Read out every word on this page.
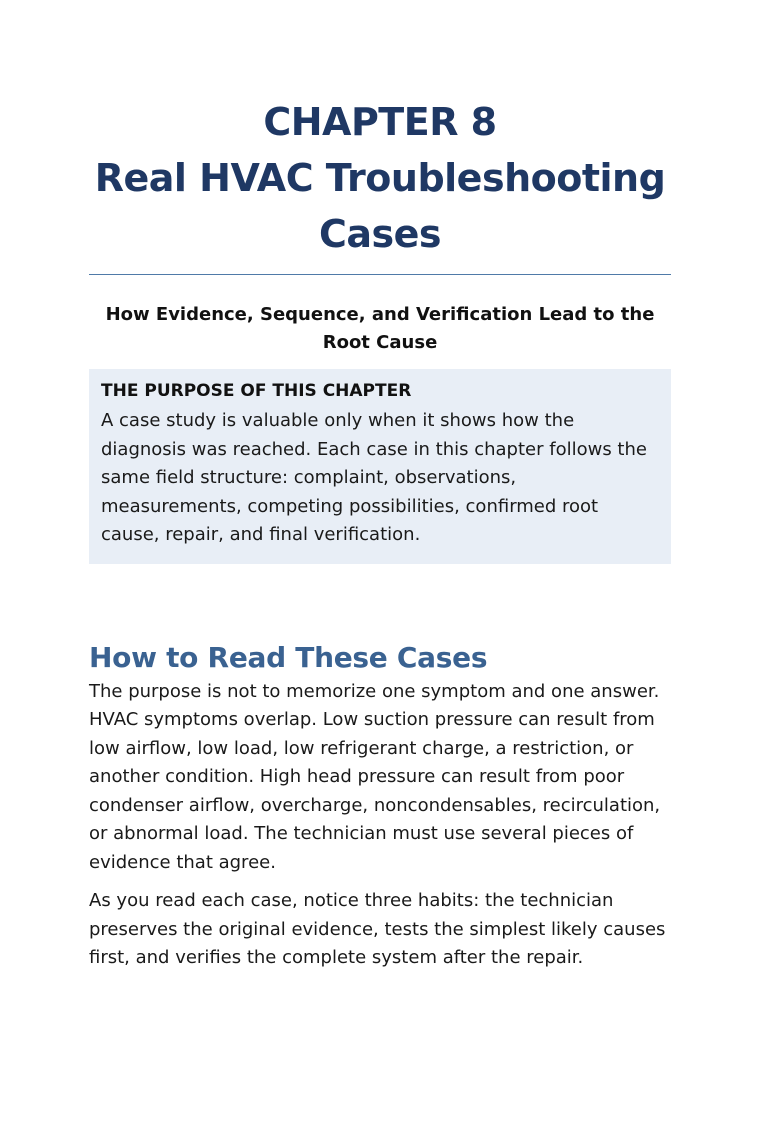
CHAPTER 8
Real HVAC Troubleshooting
Cases

How Evidence, Sequence, and Verification Lead to the Root Cause

THE PURPOSE OF THIS CHAPTER
A case study is valuable only when it shows how the diagnosis was reached. Each case in this chapter follows the same field structure: complaint, observations, measurements, competing possibilities, confirmed root cause, repair, and final verification.
How to Read These Cases

The purpose is not to memorize one symptom and one answer. HVAC symptoms overlap. Low suction pressure can result from low airflow, low load, low refrigerant charge, a restriction, or another condition. High head pressure can result from poor condenser airflow, overcharge, noncondensables, recirculation, or abnormal load. The technician must use several pieces of evidence that agree.

As you read each case, notice three habits: the technician preserves the original evidence, tests the simplest likely causes first, and verifies the complete system after the repair.
